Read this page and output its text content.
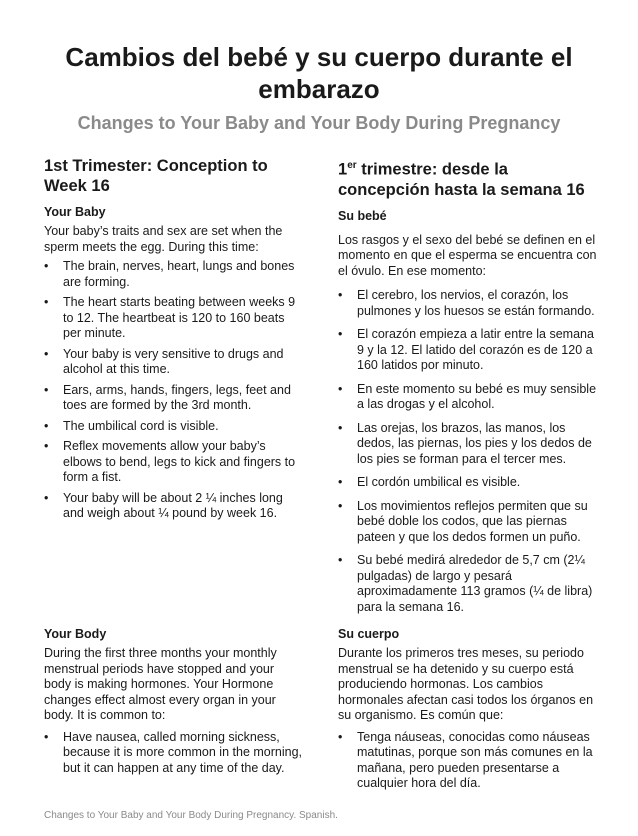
Cambios del bebé y su cuerpo durante el embarazo
Changes to Your Baby and Your Body During Pregnancy
1st Trimester: Conception to Week 16
Your Baby

Your baby’s traits and sex are set when the sperm meets the egg. During this time:

• The brain, nerves, heart, lungs and bones are forming.
• The heart starts beating between weeks 9 to 12. The heartbeat is 120 to 160 beats per minute.
• Your baby is very sensitive to drugs and alcohol at this time.
• Ears, arms, hands, fingers, legs, feet and toes are formed by the 3rd month.
• The umbilical cord is visible.
• Reflex movements allow your baby’s elbows to bend, legs to kick and fingers to form a fist.
• Your baby will be about 2 ¼ inches long and weigh about ¼ pound by week 16.
1er trimestre: desde la concepción hasta la semana 16
Su bebé

Los rasgos y el sexo del bebé se definen en el momento en que el esperma se encuentra con el óvulo. En ese momento:

• El cerebro, los nervios, el corazón, los pulmones y los huesos se están formando.
• El corazón empieza a latir entre la semana 9 y la 12. El latido del corazón es de 120 a 160 latidos por minuto.
• En este momento su bebé es muy sensible a las drogas y el alcohol.
• Las orejas, los brazos, las manos, los dedos, las piernas, los pies y los dedos de los pies se forman para el tercer mes.
• El cordón umbilical es visible.
• Los movimientos reflejos permiten que su bebé doble los codos, que las piernas pateen y que los dedos formen un puño.
• Su bebé medirá alrededor de 5,7 cm (2¼ pulgadas) de largo y pesará aproximadamente 113 gramos (¼ de libra) para la semana 16.
Your Body

During the first three months your monthly menstrual periods have stopped and your body is making hormones. Your Hormone changes effect almost every organ in your body. It is common to:

• Have nausea, called morning sickness, because it is more common in the morning, but it can happen at any time of the day.
Su cuerpo

Durante los primeros tres meses, su periodo menstrual se ha detenido y su cuerpo está produciendo hormonas. Los cambios hormonales afectan casi todos los órganos en su organismo. Es común que:

• Tenga náuseas, conocidas como náuseas matutinas, porque son más comunes en la mañana, pero pueden presentarse a cualquier hora del día.
Changes to Your Baby and Your Body During Pregnancy. Spanish.
